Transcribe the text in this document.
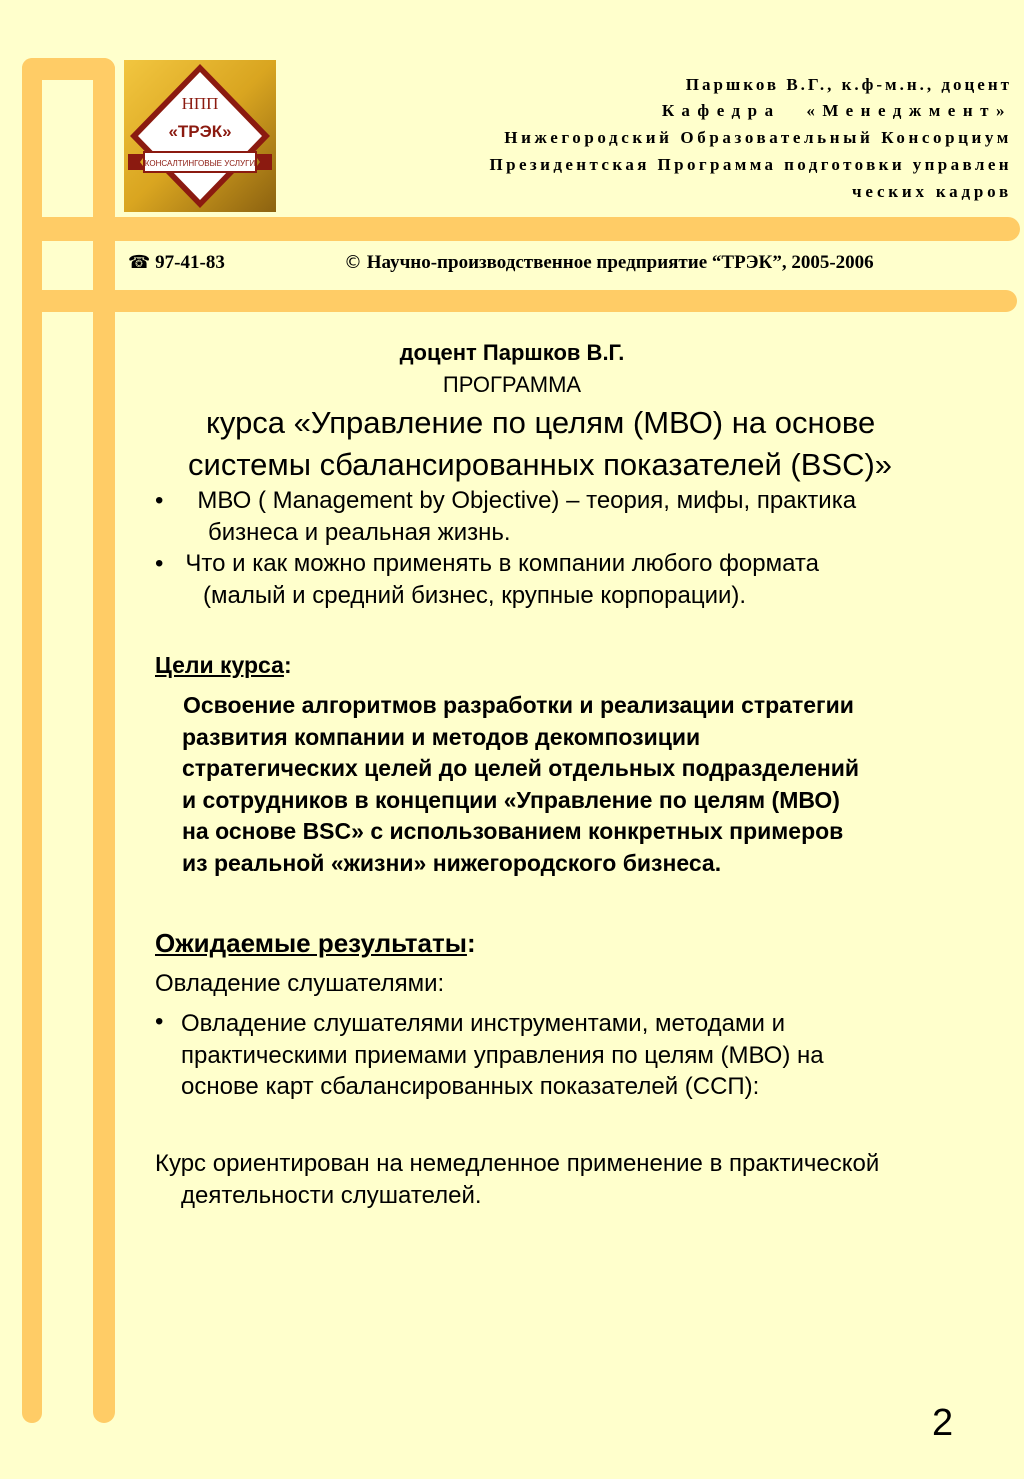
НПП
«ТРЭК»
КОНСАЛТИНГОВЫЕ УСЛУГИ
Паршков В.Г., к.ф-м.н., доцент
Кафедра «Менеджмент»
Нижегородский Образовательный Консорциум
Президентская Программа подготовки управлен
ческих кадров
☎ 97-41-83	© Научно-производственное предприятие “ТРЭК”, 2005-2006
доцент Паршков В.Г.
ПРОГРАММА
курса «Управление по целям (МВО) на основе
системы сбалансированных показателей (BSC)»
• МВО ( Management by Objective) – теория, мифы, практика
бизнеса и реальная жизнь.
• Что и как можно применять в компании любого формата
(малый и средний бизнес, крупные корпорации).
Цели курса:
Освоение алгоритмов разработки и реализации стратегии
развития компании и методов декомпозиции
стратегических целей до целей отдельных подразделений
и сотрудников в концепции «Управление по целям (МВО)
на основе BSC» с использованием конкретных примеров
из реальной «жизни» нижегородского бизнеса.
Ожидаемые результаты:
Овладение слушателями:
• Овладение слушателями инструментами, методами и
практическими приемами управления по целям (МВО) на
основе карт сбалансированных показателей (ССП):
Курс ориентирован на немедленное применение в практической
деятельности слушателей.
2
